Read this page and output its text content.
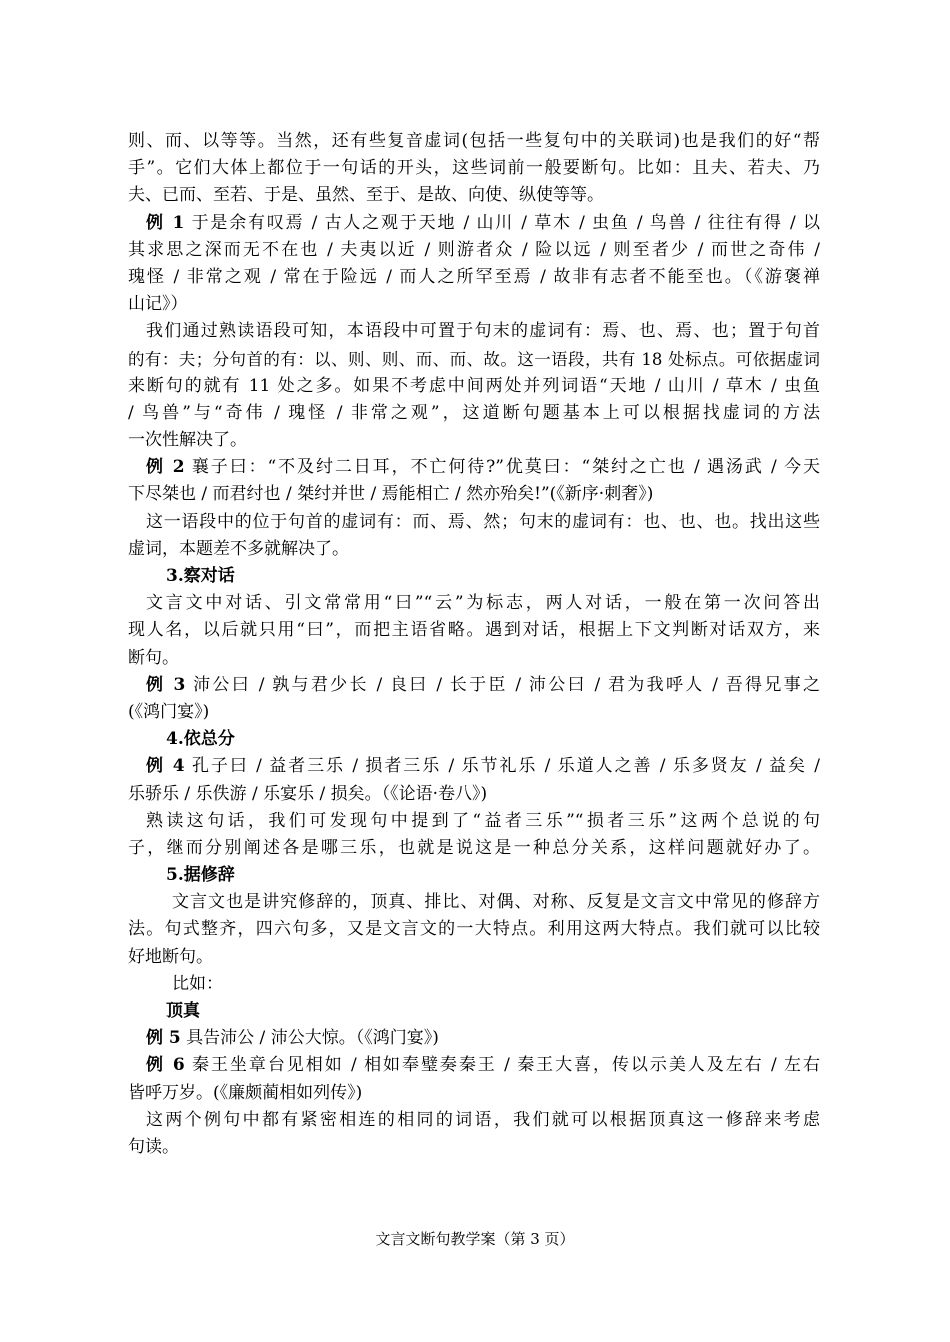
则、而、以等等。当然，还有些复音虚词(包括一些复句中的关联词)也是我们的好“帮
手”。它们大体上都位于一句话的开头，这些词前一般要断句。比如：且夫、若夫、乃
夫、已而、至若、于是、虽然、至于、是故、向使、纵使等等。
例 1 于是余有叹焉 / 古人之观于天地 / 山川 / 草木 / 虫鱼 / 鸟兽 / 往往有得 / 以
其求思之深而无不在也 / 夫夷以近 / 则游者众 / 险以远 / 则至者少 / 而世之奇伟 /
瑰怪 / 非常之观 / 常在于险远 / 而人之所罕至焉 / 故非有志者不能至也。（《游褒禅
山记》）
我们通过熟读语段可知，本语段中可置于句末的虚词有：焉、也、焉、也；置于句首
的有：夫；分句首的有：以、则、则、而、而、故。这一语段，共有 18 处标点。可依据虚词
来断句的就有 11 处之多。如果不考虑中间两处并列词语“天地 / 山川 / 草木 / 虫鱼
/ 鸟兽”与“奇伟 / 瑰怪 / 非常之观”，这道断句题基本上可以根据找虚词的方法
一次性解决了。
例 2 襄子曰：“不及纣二日耳，不亡何待?”优莫曰：“桀纣之亡也 / 遇汤武 / 今天
下尽桀也 / 而君纣也 / 桀纣并世 / 焉能相亡 / 然亦殆矣!”(《新序·刺奢》)
这一语段中的位于句首的虚词有：而、焉、然；句末的虚词有：也、也、也。找出这些
虚词，本题差不多就解决了。
3.察对话
文言文中对话、引文常常用“曰”“云”为标志，两人对话，一般在第一次问答出
现人名，以后就只用“曰”，而把主语省略。遇到对话，根据上下文判断对话双方，来
断句。
例 3 沛公曰 / 孰与君少长 / 良曰 / 长于臣 / 沛公曰 / 君为我呼人 / 吾得兄事之
(《鸿门宴》)
4.依总分
例 4 孔子曰 / 益者三乐 / 损者三乐 / 乐节礼乐 / 乐道人之善 / 乐多贤友 / 益矣 /
乐骄乐 / 乐佚游 / 乐宴乐 / 损矣。（《论语·卷八》)
熟读这句话，我们可发现句中提到了“益者三乐”“损者三乐”这两个总说的句
子，继而分别阐述各是哪三乐，也就是说这是一种总分关系，这样问题就好办了。
5.据修辞
文言文也是讲究修辞的，顶真、排比、对偶、对称、反复是文言文中常见的修辞方
法。句式整齐，四六句多，又是文言文的一大特点。利用这两大特点。我们就可以比较
好地断句。
比如：
顶真
例 5 具告沛公 / 沛公大惊。（《鸿门宴》)
例 6 秦王坐章台见相如 / 相如奉璧奏秦王 / 秦王大喜，传以示美人及左右 / 左右
皆呼万岁。(《廉颇蔺相如列传》)
这两个例句中都有紧密相连的相同的词语，我们就可以根据顶真这一修辞来考虑
句读。
文言文断句教学案（第 3 页）
